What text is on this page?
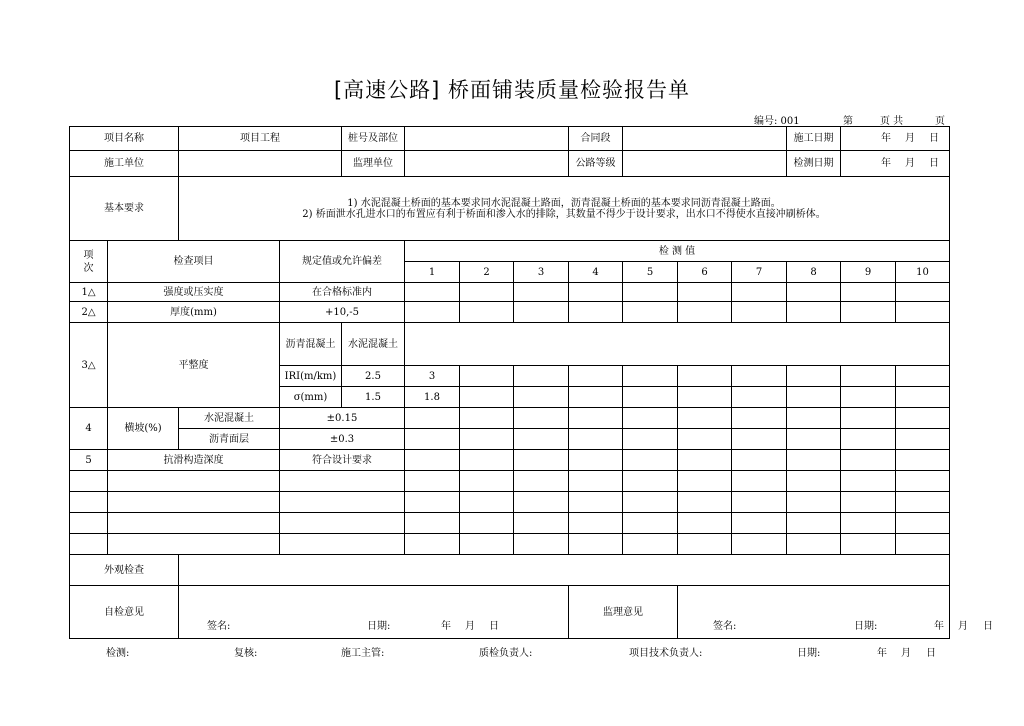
[高速公路] 桥面铺装质量检验报告单
编号: 001	第	页 共	页
项目名称		项目工程		桩号及部位				合同段				施工日期	年 月 日		

施工单位				监理单位				公路等级				检测日期	年 月 日		

基本要求		1) 水泥混凝土桥面的基本要求同水泥混凝土路面，沥青混凝土桥面的基本要求同沥青混凝土路面。
2) 桥面泄水孔进水口的布置应有利于桥面和渗入水的排除，其数量不得少于设计要求，出水口不得使水直接冲刷桥体。													

项
次	检查项目		规定值或允许偏差		检 测 值										
					1	2	3	4	5	6	7	8	9	10	
1△	强度或压实度		在合格标准内												
2△	厚度(mm)		+10,-5												
3△	平整度		沥青混凝土	水泥混凝土											
			IRI(m/km)	2.5	3										
			σ(mm)	1.5	1.8										
4	横坡(%)	水泥混凝土	±0.15												
		沥青面层	±0.3												
5	抗滑构造深度		符合设计要求												

外观检查															
自检意见		签名: 日期: 年 月 日						监理意见		签名: 日期: 年 月 日					
检测:	复核:	施工主管:	质检负责人:	项目技术负责人:	日期:	年 月 日
